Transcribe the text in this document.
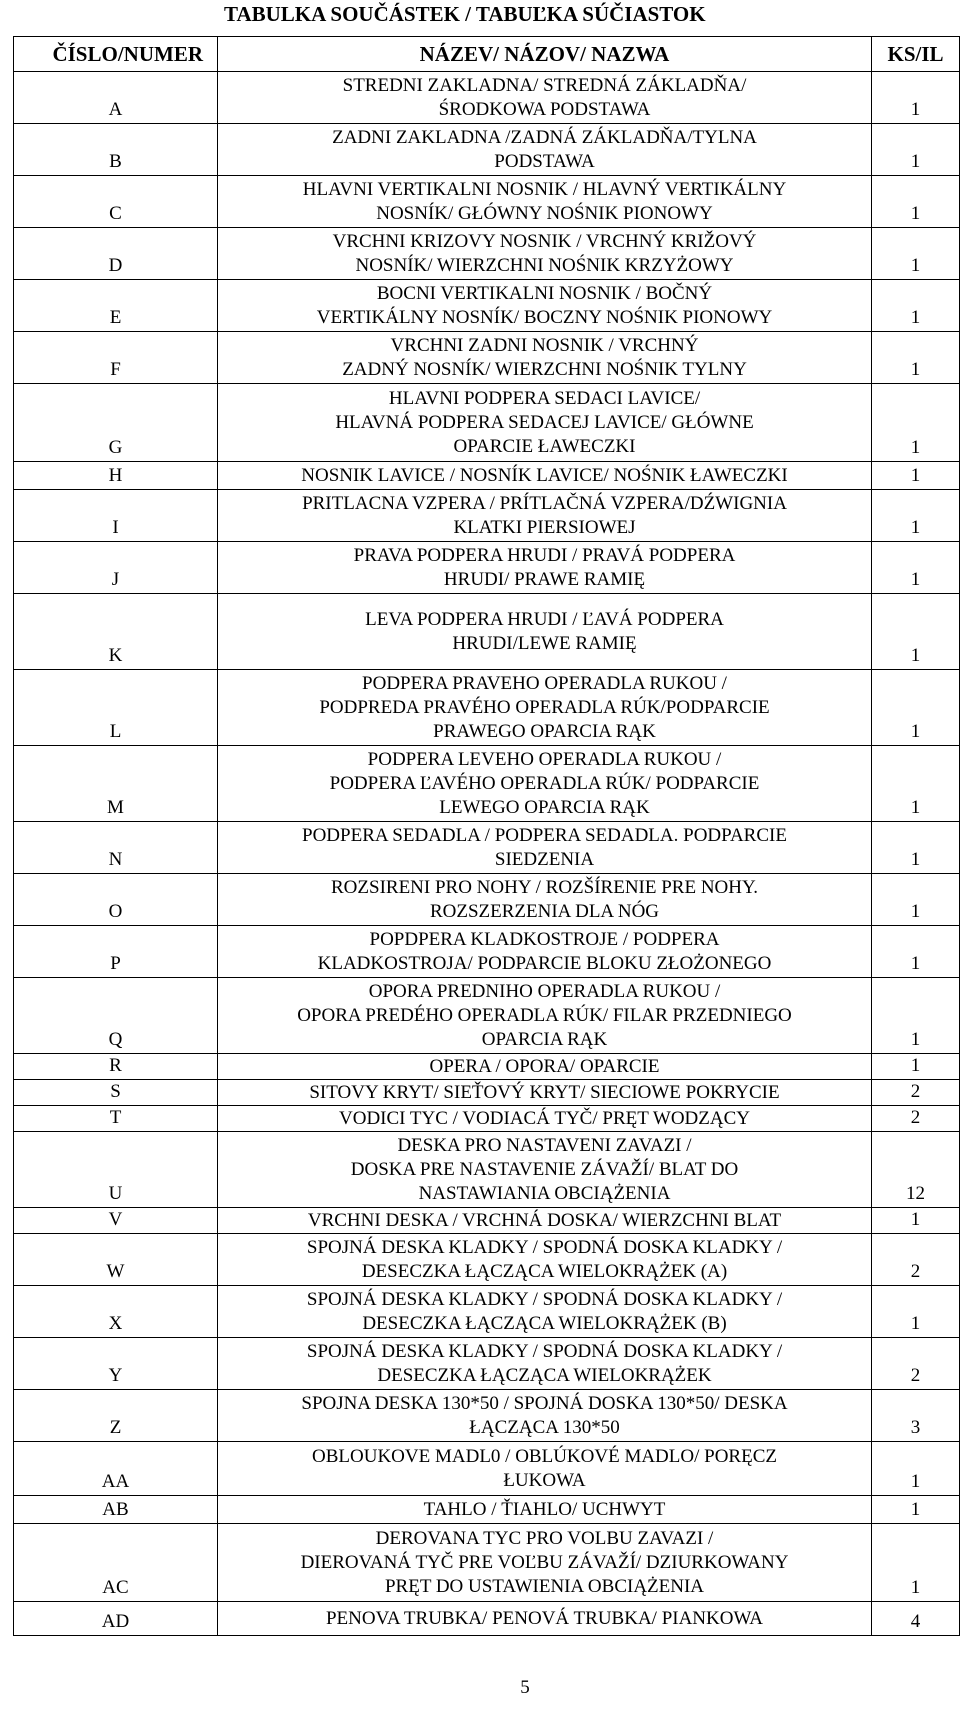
TABULKA SOUČÁSTEK / TABUĽKA SÚČIASTOK
ČÍSLO/NUMER	NÁZEV/ NÁZOV/ NAZWA	KS/IL
A	STREDNI ZAKLADNA/ STREDNÁ ZÁKLADŇA/
ŚRODKOWA PODSTAWA	1
B	ZADNI ZAKLADNA /ZADNÁ ZÁKLADŇA/TYLNA
PODSTAWA	1
C	HLAVNI VERTIKALNI NOSNIK / HLAVNÝ VERTIKÁLNY
NOSNÍK/ GŁÓWNY NOŚNIK PIONOWY	1
D	VRCHNI KRIZOVY NOSNIK / VRCHNÝ KRIŽOVÝ
NOSNÍK/ WIERZCHNI NOŚNIK KRZYŻOWY	1
E	BOCNI VERTIKALNI NOSNIK / BOČNÝ
VERTIKÁLNY NOSNÍK/ BOCZNY NOŚNIK PIONOWY	1
F	VRCHNI ZADNI NOSNIK / VRCHNÝ
ZADNÝ NOSNÍK/ WIERZCHNI NOŚNIK TYLNY	1
G	HLAVNI PODPERA SEDACI LAVICE/
HLAVNÁ PODPERA SEDACEJ LAVICE/ GŁÓWNE
OPARCIE ŁAWECZKI	1
H	NOSNIK LAVICE / NOSNÍK LAVICE/ NOŚNIK ŁAWECZKI	1
I	PRITLACNA VZPERA / PRÍTLAČNÁ VZPERA/DŹWIGNIA
KLATKI PIERSIOWEJ	1
J	PRAVA PODPERA HRUDI / PRAVÁ PODPERA
HRUDI/ PRAWE RAMIĘ	1
K	LEVA PODPERA HRUDI / ĽAVÁ PODPERA
HRUDI/LEWE RAMIĘ	1
L	PODPERA PRAVEHO OPERADLA RUKOU /
PODPREDA PRAVÉHO OPERADLA RÚK/PODPARCIE
PRAWEGO OPARCIA RĄK	1
M	PODPERA LEVEHO OPERADLA RUKOU /
PODPERA ĽAVÉHO OPERADLA RÚK/ PODPARCIE
LEWEGO OPARCIA RĄK	1
N	PODPERA SEDADLA / PODPERA SEDADLA. PODPARCIE
SIEDZENIA	1
O	ROZSIRENI PRO NOHY / ROZŠÍRENIE PRE NOHY.
ROZSZERZENIA DLA NÓG	1
P	POPDPERA KLADKOSTROJE / PODPERA
KLADKOSTROJA/ PODPARCIE BLOKU ZŁOŻONEGO	1
Q	OPORA PREDNIHO OPERADLA RUKOU /
OPORA PREDÉHO OPERADLA RÚK/ FILAR PRZEDNIEGO
OPARCIA RĄK	1
R	OPERA / OPORA/ OPARCIE	1
S	SITOVY KRYT/ SIEŤOVÝ KRYT/ SIECIOWE POKRYCIE	2
T	VODICI TYC / VODIACÁ TYČ/ PRĘT WODZĄCY	2
U	DESKA PRO NASTAVENI ZAVAZI /
DOSKA PRE NASTAVENIE ZÁVAŽÍ/ BLAT DO
NASTAWIANIA OBCIĄŻENIA	12
V	VRCHNI DESKA / VRCHNÁ DOSKA/ WIERZCHNI BLAT	1
W	SPOJNÁ DESKA KLADKY / SPODNÁ DOSKA KLADKY /
DESECZKA ŁĄCZĄCA WIELOKRĄŻEK (A)	2
X	SPOJNÁ DESKA KLADKY / SPODNÁ DOSKA KLADKY /
DESECZKA ŁĄCZĄCA WIELOKRĄŻEK (B)	1
Y	SPOJNÁ DESKA KLADKY / SPODNÁ DOSKA KLADKY /
DESECZKA ŁĄCZĄCA WIELOKRĄŻEK	2
Z	SPOJNA DESKA 130*50 / SPOJNÁ DOSKA 130*50/ DESKA
ŁĄCZĄCA 130*50	3
AA	OBLOUKOVE MADL0 / OBLÚKOVÉ MADLO/ PORĘCZ
ŁUKOWA	1
AB	TAHLO / ŤIAHLO/ UCHWYT	1
AC	DEROVANA TYC PRO VOLBU ZAVAZI /
DIEROVANÁ TYČ PRE VOĽBU ZÁVAŽÍ/ DZIURKOWANY
PRĘT DO USTAWIENIA OBCIĄŻENIA	1
AD	PENOVA TRUBKA/ PENOVÁ TRUBKA/ PIANKOWA	4
5
